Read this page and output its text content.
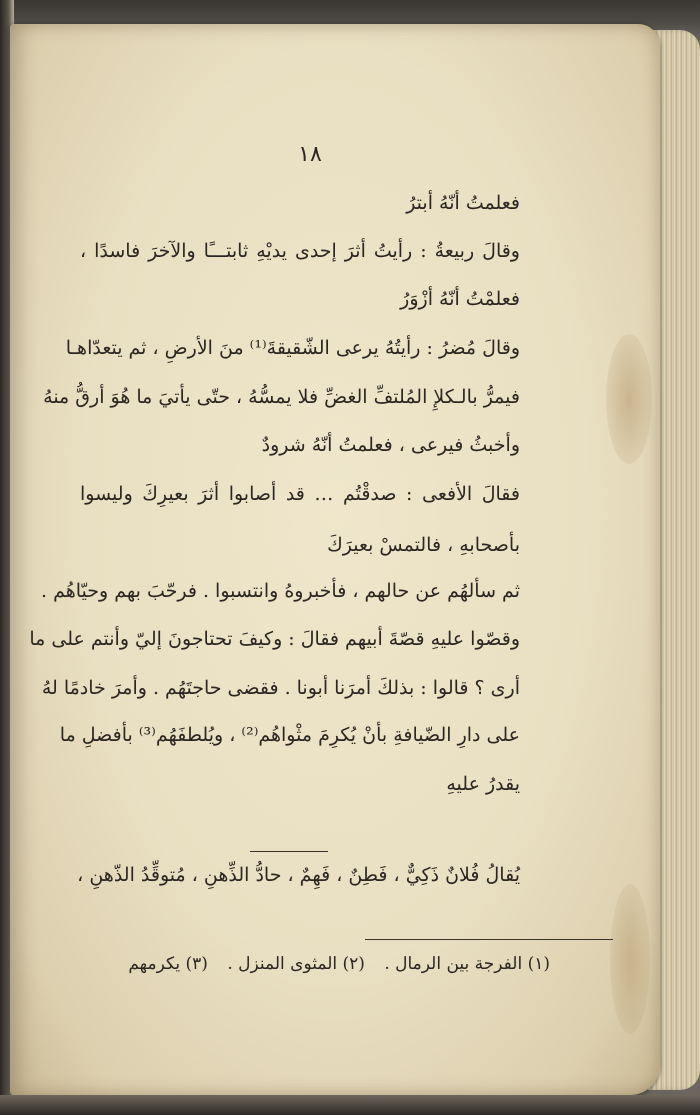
١٨
فعلمتُ أنّهُ أبترُ
وقالَ ربيعةُ : رأيتُ أثرَ إحدى يديْهِ ثابتـــًا والآخرَ فاسدًا ،
فعلمْتُ أنّهُ أزْوَرُ
وقالَ مُضرُ : رأيتُهُ يرعى الشّقيقةَ⁽¹⁾ منَ الأرضِ ، ثم يتعدّاهـا
فيمرُّ بالـكلإِ المُلتفِّ الغضِّ فلا يمسُّهُ ، حتّى يأتيَ ما هُوَ أرقُّ منهُ
وأخبثُ فيرعى ، فعلمتُ أنّهُ شرودٌ
فقالَ الأفعى : صدقْتُم … قد أصابوا أثرَ بعيرِكَ وليسوا
بأصحابهِ ، فالتمسْ بعيرَكَ
ثم سألهُم عن حالهم ، فأخبروهُ وانتسبوا . فرحّبَ بهم وحيّاهُم .
وقصّوا عليهِ قصّةَ أبيهم فقالَ : وكيفَ تحتاجونَ إليّ وأنتم على ما
أرى ؟ قالوا : بذلكَ أمرَنا أبونا . فقضى حاجتَهُم . وأمرَ خادمًا لهُ
على دارِ الضّيافةِ بأنْ يُكرِمَ مثْواهُم⁽²⁾ ، ويُلطفَهُم⁽³⁾ بأفضلِ ما
يقدرُ عليهِ
يُقالُ فُلانٌ ذَكِيٌّ ، فَطِنٌ ، فَهِمٌ ، حادُّ الذِّهنِ ، مُتوقِّدُ الذّهنِ ،
(١) الفرجة بين الرمال . (٢) المثوى المنزل . (٣) يكرمهم
